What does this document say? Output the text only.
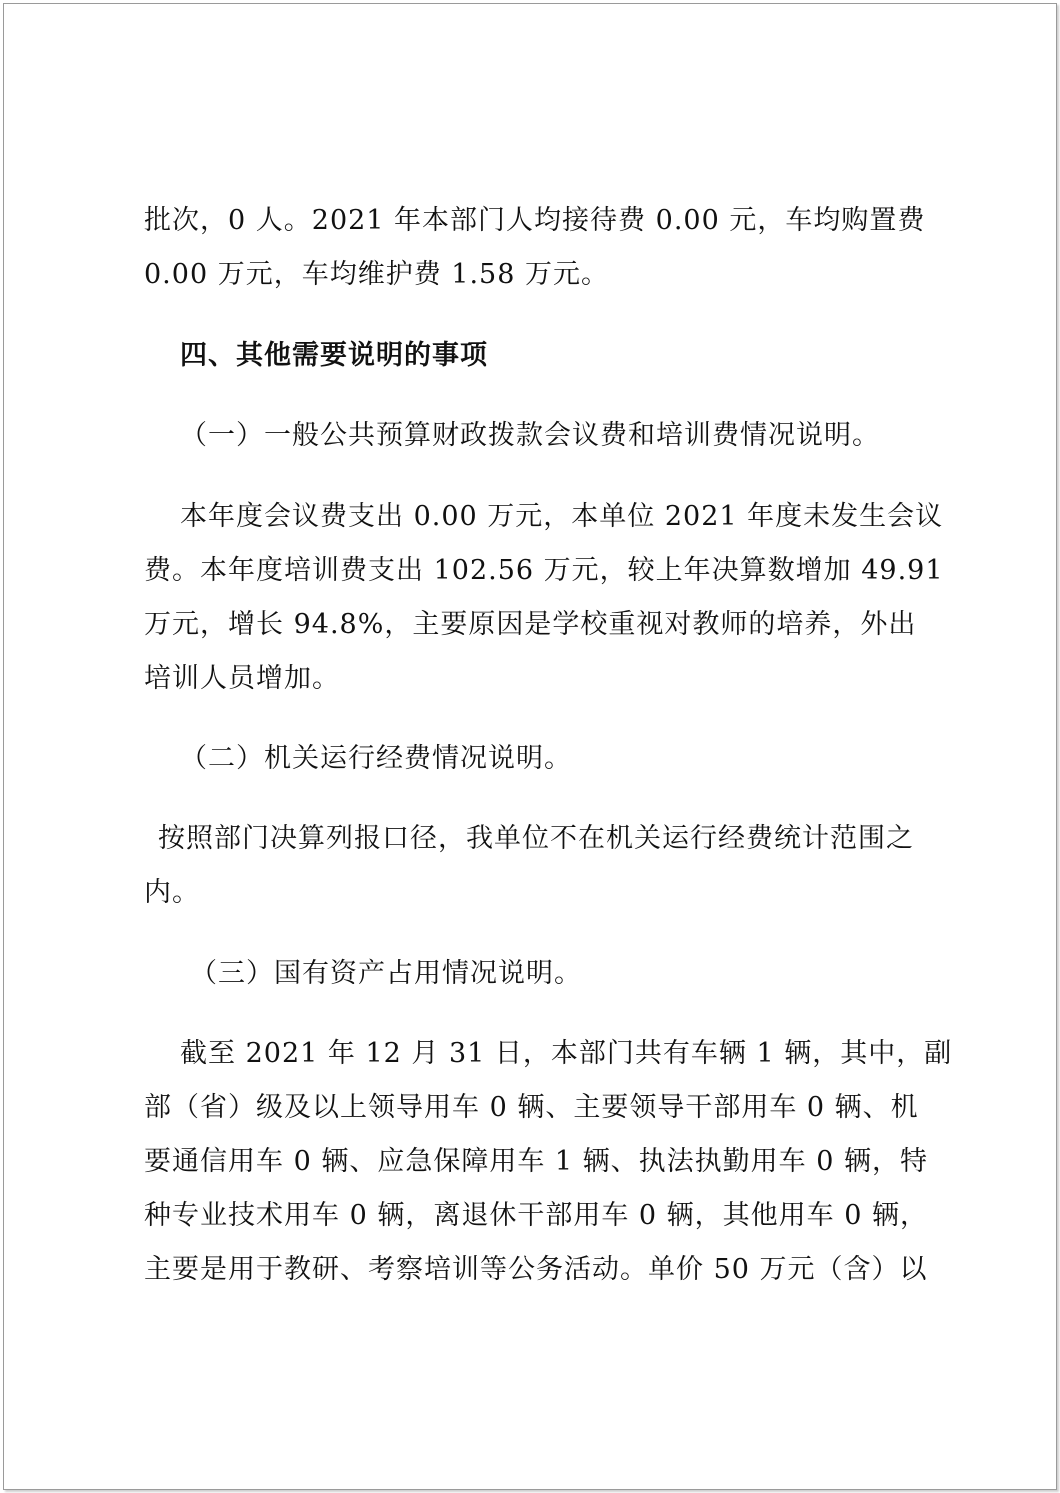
批次，0 人。2021 年本部门人均接待费 0.00 元，车均购置费
0.00 万元，车均维护费 1.58 万元。
四、其他需要说明的事项
（一）一般公共预算财政拨款会议费和培训费情况说明。
本年度会议费支出 0.00 万元，本单位 2021 年度未发生会议
费。本年度培训费支出 102.56 万元，较上年决算数增加 49.91
万元，增长 94.8%，主要原因是学校重视对教师的培养，外出
培训人员增加。
（二）机关运行经费情况说明。
按照部门决算列报口径，我单位不在机关运行经费统计范围之
内。
（三）国有资产占用情况说明。
截至 2021 年 12 月 31 日，本部门共有车辆 1 辆，其中，副
部（省）级及以上领导用车 0 辆、主要领导干部用车 0 辆、机
要通信用车 0 辆、应急保障用车 1 辆、执法执勤用车 0 辆，特
种专业技术用车 0 辆，离退休干部用车 0 辆，其他用车 0 辆，
主要是用于教研、考察培训等公务活动。单价 50 万元（含）以
